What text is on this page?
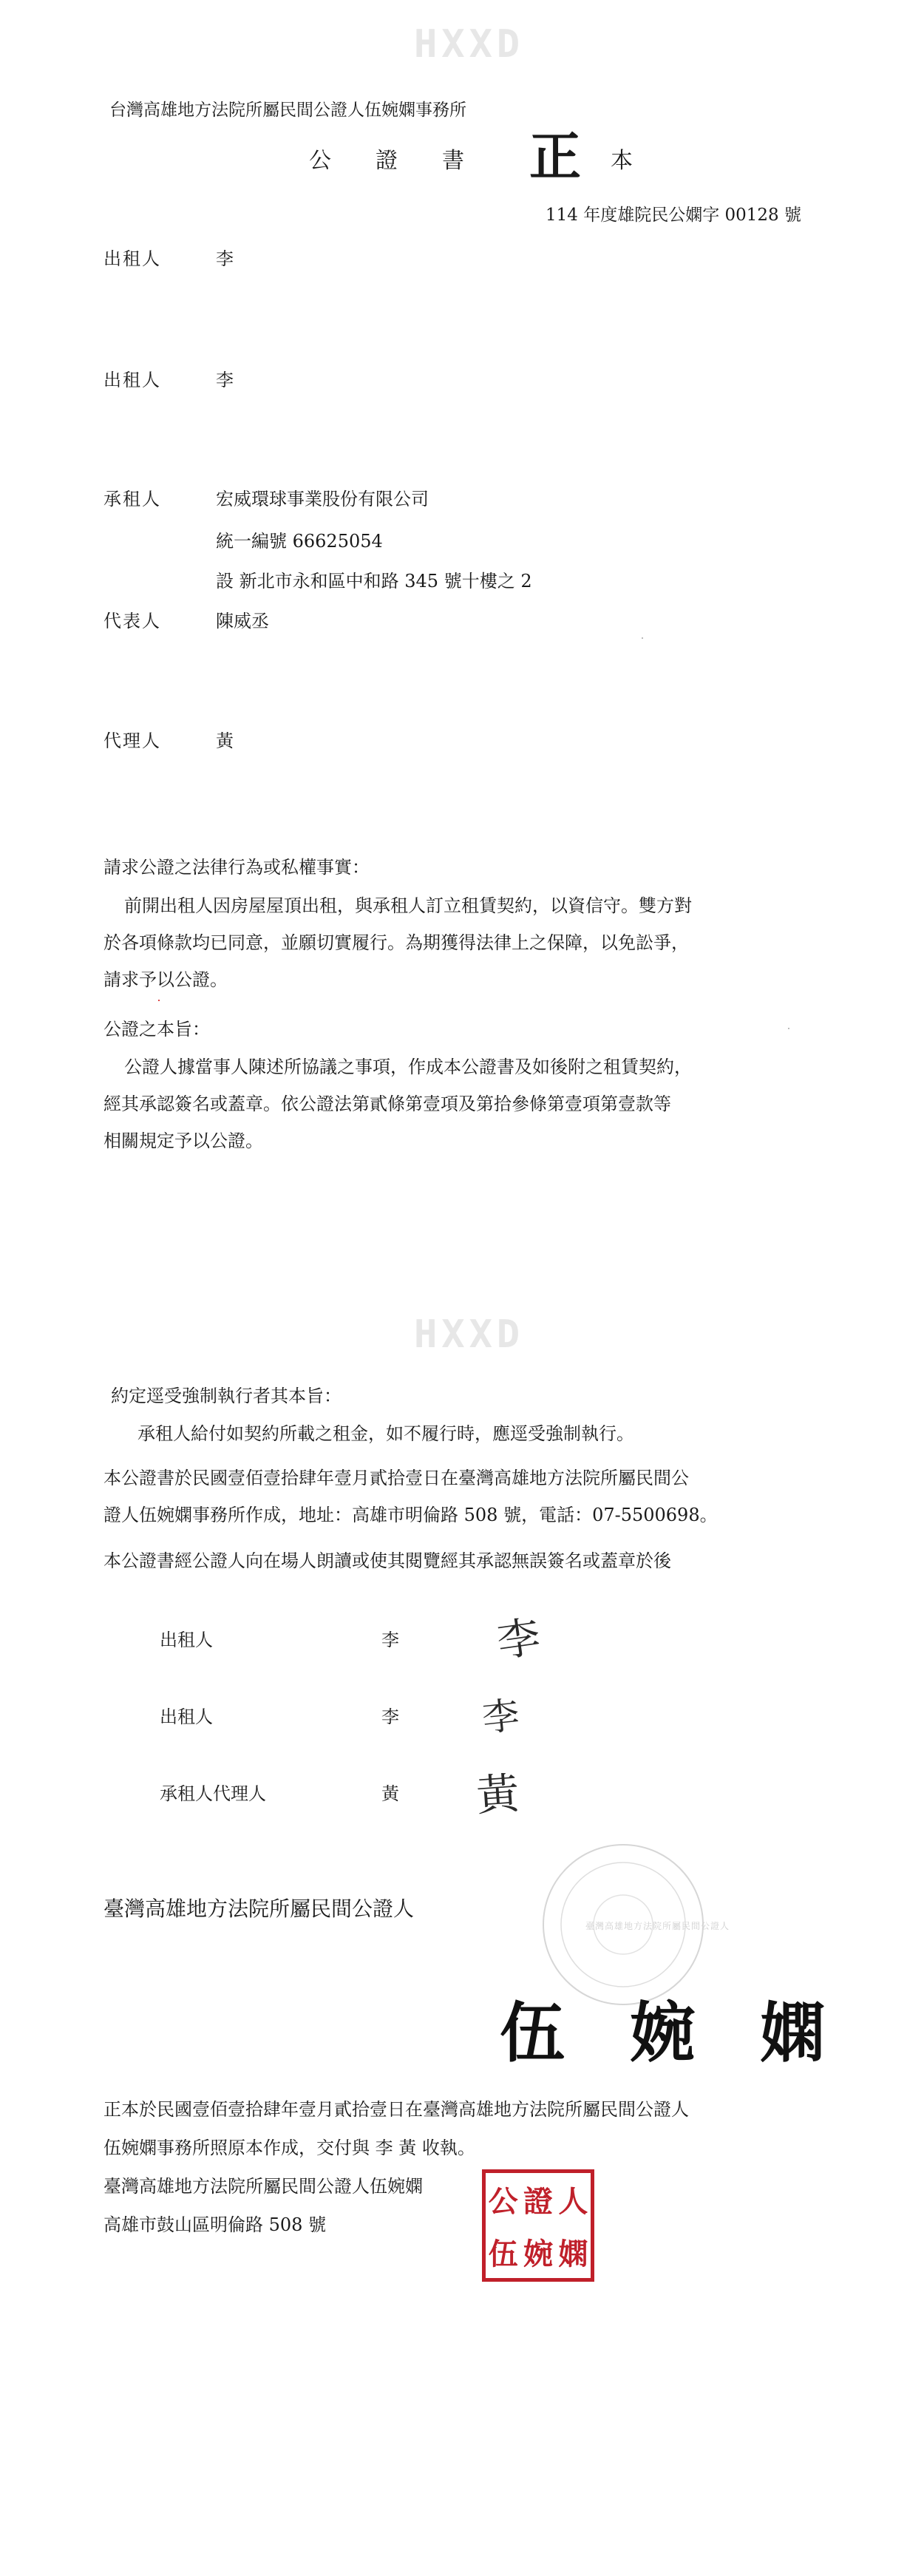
HXXD
HXXD
台灣高雄地方法院所屬民間公證人伍婉嫻事務所
公　　證　　書 正 本
114 年度雄院民公嫻字 00128 號
出租人	李
出租人	李
承租人	宏威環球事業股份有限公司
統一編號 66625054
設 新北市永和區中和路 345 號十樓之 2
代表人	陳威丞
代理人	黃
請求公證之法律行為或私權事實：
前開出租人因房屋屋頂出租，與承租人訂立租賃契約，以資信守。雙方對
於各項條款均已同意，並願切實履行。為期獲得法律上之保障，以免訟爭，
請求予以公證。
公證之本旨：
公證人據當事人陳述所協議之事項，作成本公證書及如後附之租賃契約，
經其承認簽名或蓋章。依公證法第貳條第壹項及第拾參條第壹項第壹款等
相關規定予以公證。
約定逕受強制執行者其本旨：
承租人給付如契約所載之租金，如不履行時，應逕受強制執行。
本公證書於民國壹佰壹拾肆年壹月貳拾壹日在臺灣高雄地方法院所屬民間公
證人伍婉嫻事務所作成，地址：高雄市明倫路 508 號，電話：07-5500698。
本公證書經公證人向在場人朗讀或使其閱覽經其承認無誤簽名或蓋章於後
出租人	李 李
出租人	李 李
承租人代理人	黃 黃
臺灣高雄地方法院所屬民間公證人
臺灣高雄地方法院所屬民間公證人
伍　婉　嫻
正本於民國壹佰壹拾肆年壹月貳拾壹日在臺灣高雄地方法院所屬民間公證人
伍婉嫻事務所照原本作成，交付與 李 黃 收執。
臺灣高雄地方法院所屬民間公證人伍婉嫻
高雄市鼓山區明倫路 508 號
公 證 人
伍 婉 嫻
